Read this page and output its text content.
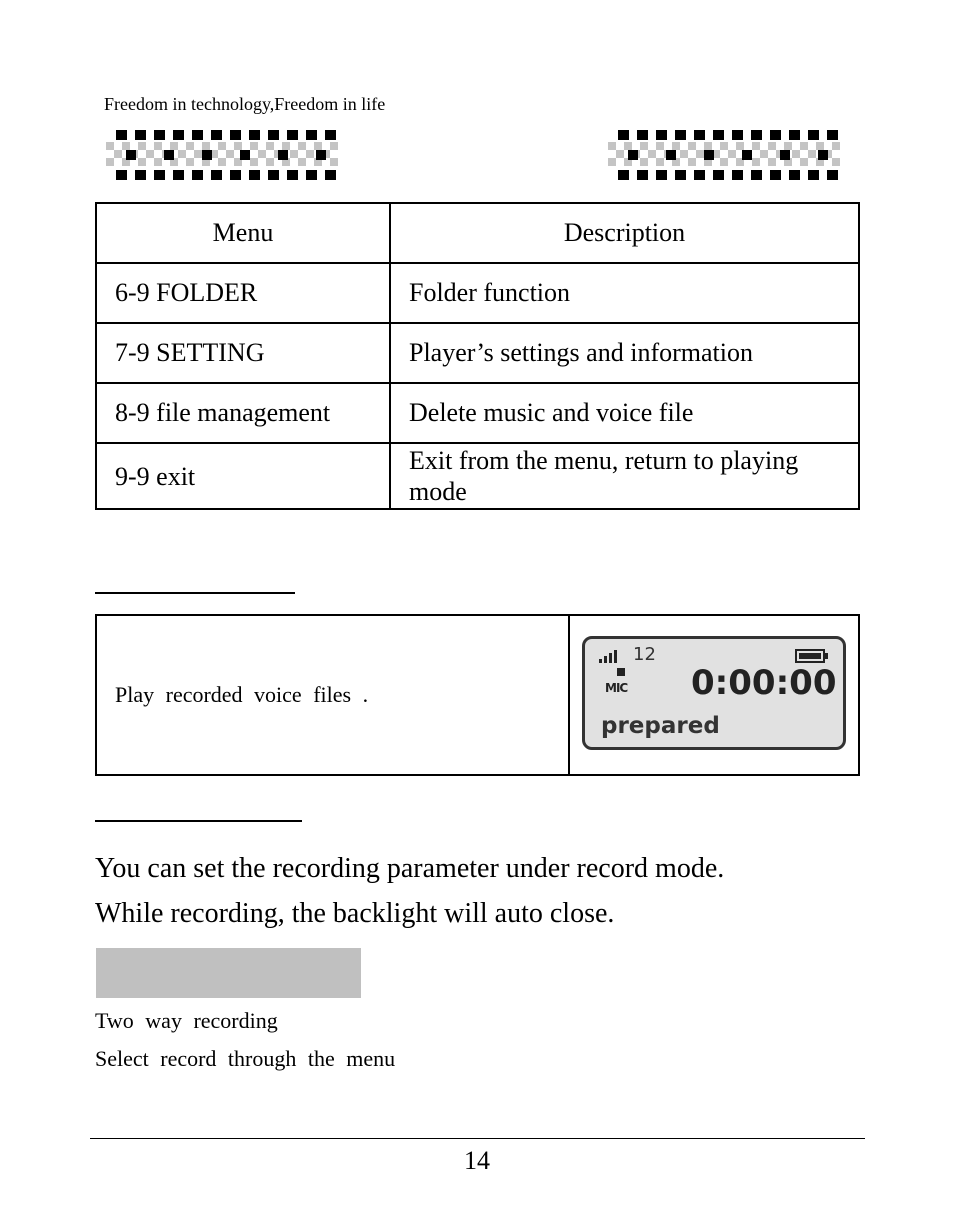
Freedom in technology,Freedom in life
Menu	Description
6-9 FOLDER	Folder function
7-9 SETTING	Player’s settings and information
8-9 file management	Delete music and voice file
9-9 exit	Exit from the menu, return to playing mode
Play recorded voice files .	
12
MIC 0:00:00
prepared
You can set the recording parameter under record mode.
While recording, the backlight will auto close.
Two way recording
Select record through the menu
14
